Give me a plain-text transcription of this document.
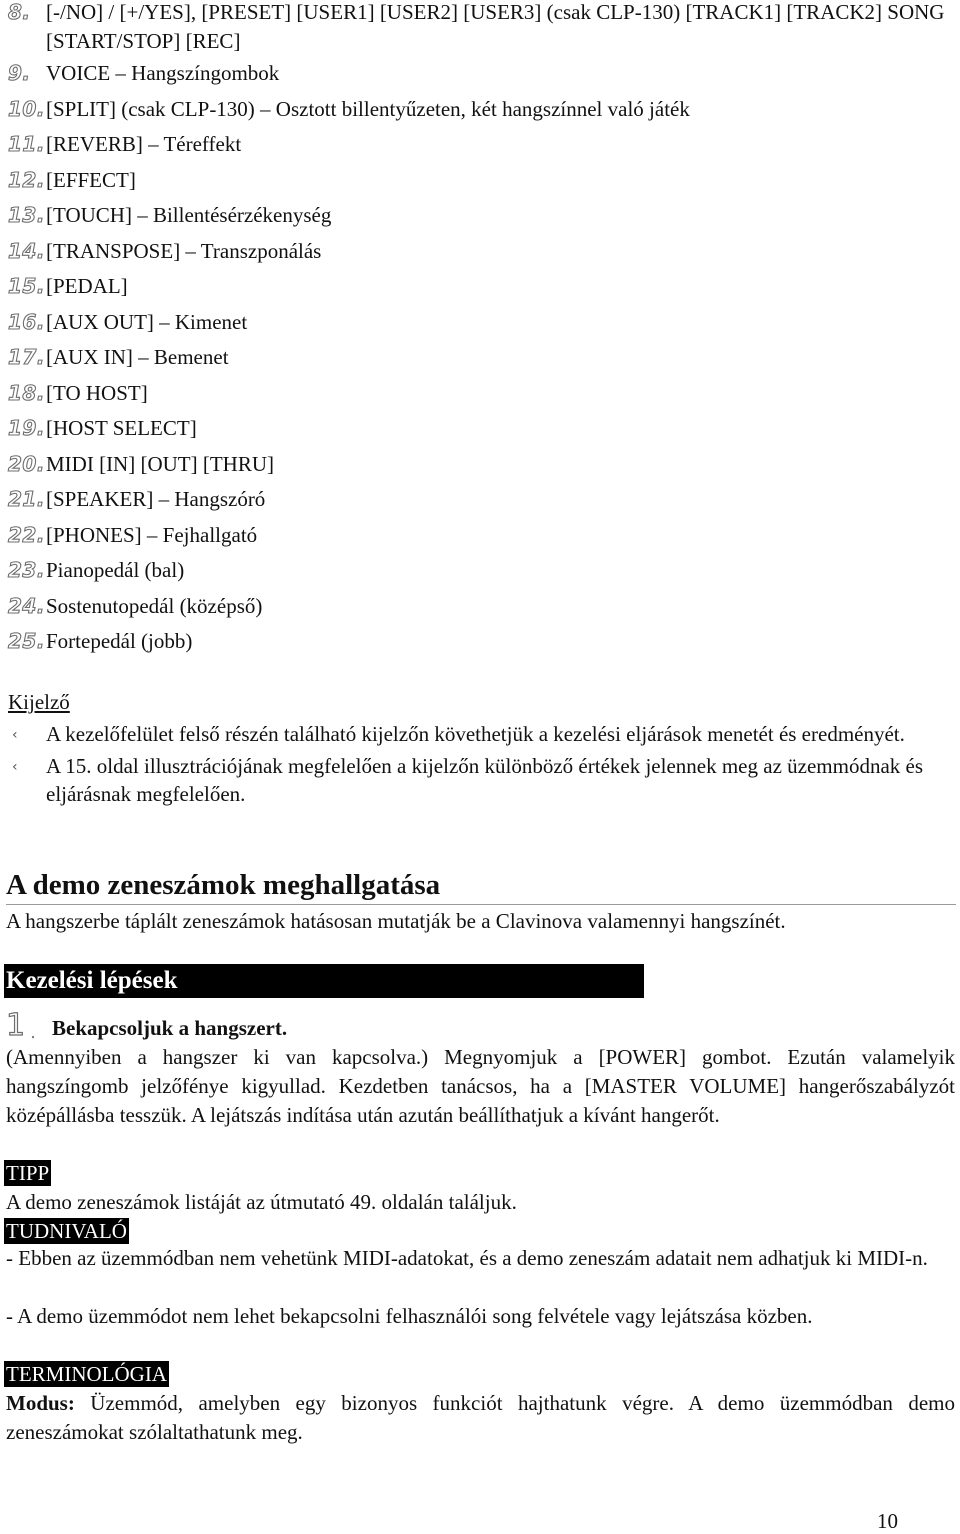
8. [-/NO] / [+/YES], [PRESET] [USER1] [USER2] [USER3] (csak CLP-130) [TRACK1] [TRACK2] SONG [START/STOP] [REC]
9. VOICE – Hangszíngombok
10. [SPLIT] (csak CLP-130) – Osztott billentyűzeten, két hangszínnel való játék
11. [REVERB] – Téreffekt
12. [EFFECT]
13. [TOUCH] – Billentésérzékenység
14. [TRANSPOSE] – Transzponálás
15. [PEDAL]
16. [AUX OUT] – Kimenet
17. [AUX IN] – Bemenet
18. [TO HOST]
19. [HOST SELECT]
20. MIDI [IN] [OUT] [THRU]
21. [SPEAKER] – Hangszóró
22. [PHONES] – Fejhallgató
23. Pianopedál (bal)
24. Sostenutopedál (középső)
25. Fortepedál (jobb)
Kijelző
‹	A kezelőfelület felső részén található kijelzőn követhetjük a kezelési eljárások menetét és eredményét.
‹	A 15. oldal illusztrációjának megfelelően a kijelzőn különböző értékek jelennek meg az üzemmódnak és eljárásnak megfelelően.
A demo zeneszámok meghallgatása
A hangszerbe táplált zeneszámok hatásosan mutatják be a Clavinova valamennyi hangszínét.
Kezelési lépések
1 ⸼ Bekapcsoljuk a hangszert.
(Amennyiben a hangszer ki van kapcsolva.) Megnyomjuk a [POWER] gombot. Ezután valamelyik hangszíngomb jelzőfénye kigyullad. Kezdetben tanácsos, ha a [MASTER VOLUME] hangerőszabályzót középállásba tesszük. A lejátszás indítása után azután beállíthatjuk a kívánt hangerőt.
TIPP
A demo zeneszámok listáját az útmutató 49. oldalán találjuk.
TUDNIVALÓ
- Ebben az üzemmódban nem vehetünk MIDI-adatokat, és a demo zeneszám adatait nem adhatjuk ki MIDI-n.
- A demo üzemmódot nem lehet bekapcsolni felhasználói song felvétele vagy lejátszása közben.
TERMINOLÓGIA
Modus: Üzemmód, amelyben egy bizonyos funkciót hajthatunk végre. A demo üzemmódban demo zeneszámokat szólaltathatunk meg.
10
